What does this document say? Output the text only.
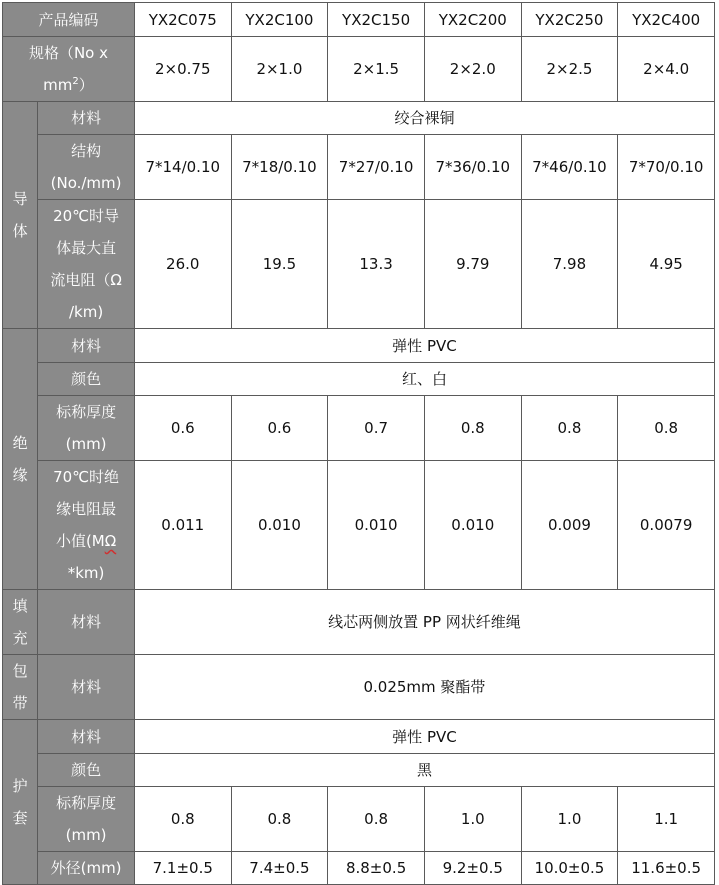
产品编码		YX2C075	YX2C100	YX2C150	YX2C200	YX2C250	YX2C400

规格（No x
$mm^2$）		2×0.75	2×1.0	2×1.5	2×2.0	2×2.5	2×4.0

导
体	材料	绞合裸铜					

	结构
(No./mm)	7*14/0.10	7*18/0.10	7*27/0.10	7*36/0.10	7*46/0.10	7*70/0.10

	20℃时导
体最大直
流电阻（Ω
/km)	26.0	19.5	13.3	9.79	7.98	4.95

绝
缘	材料	弹性 PVC					
	颜色	红、白					

	标称厚度
(mm)	0.6	0.6	0.7	0.8	0.8	0.8

	70℃时绝
缘电阻最
小值(MΩ
*km)	0.011	0.010	0.010	0.010	0.009	0.0079

填
充	材料	线芯两侧放置 PP 网状纤维绳					

包
带	材料	0.025mm 聚酯带					

护
套	材料	弹性 PVC					
	颜色	黑					

	标称厚度
(mm)	0.8	0.8	0.8	1.0	1.0	1.1
	外径(mm)	7.1±0.5	7.4±0.5	8.8±0.5	9.2±0.5	10.0±0.5	11.6±0.5
